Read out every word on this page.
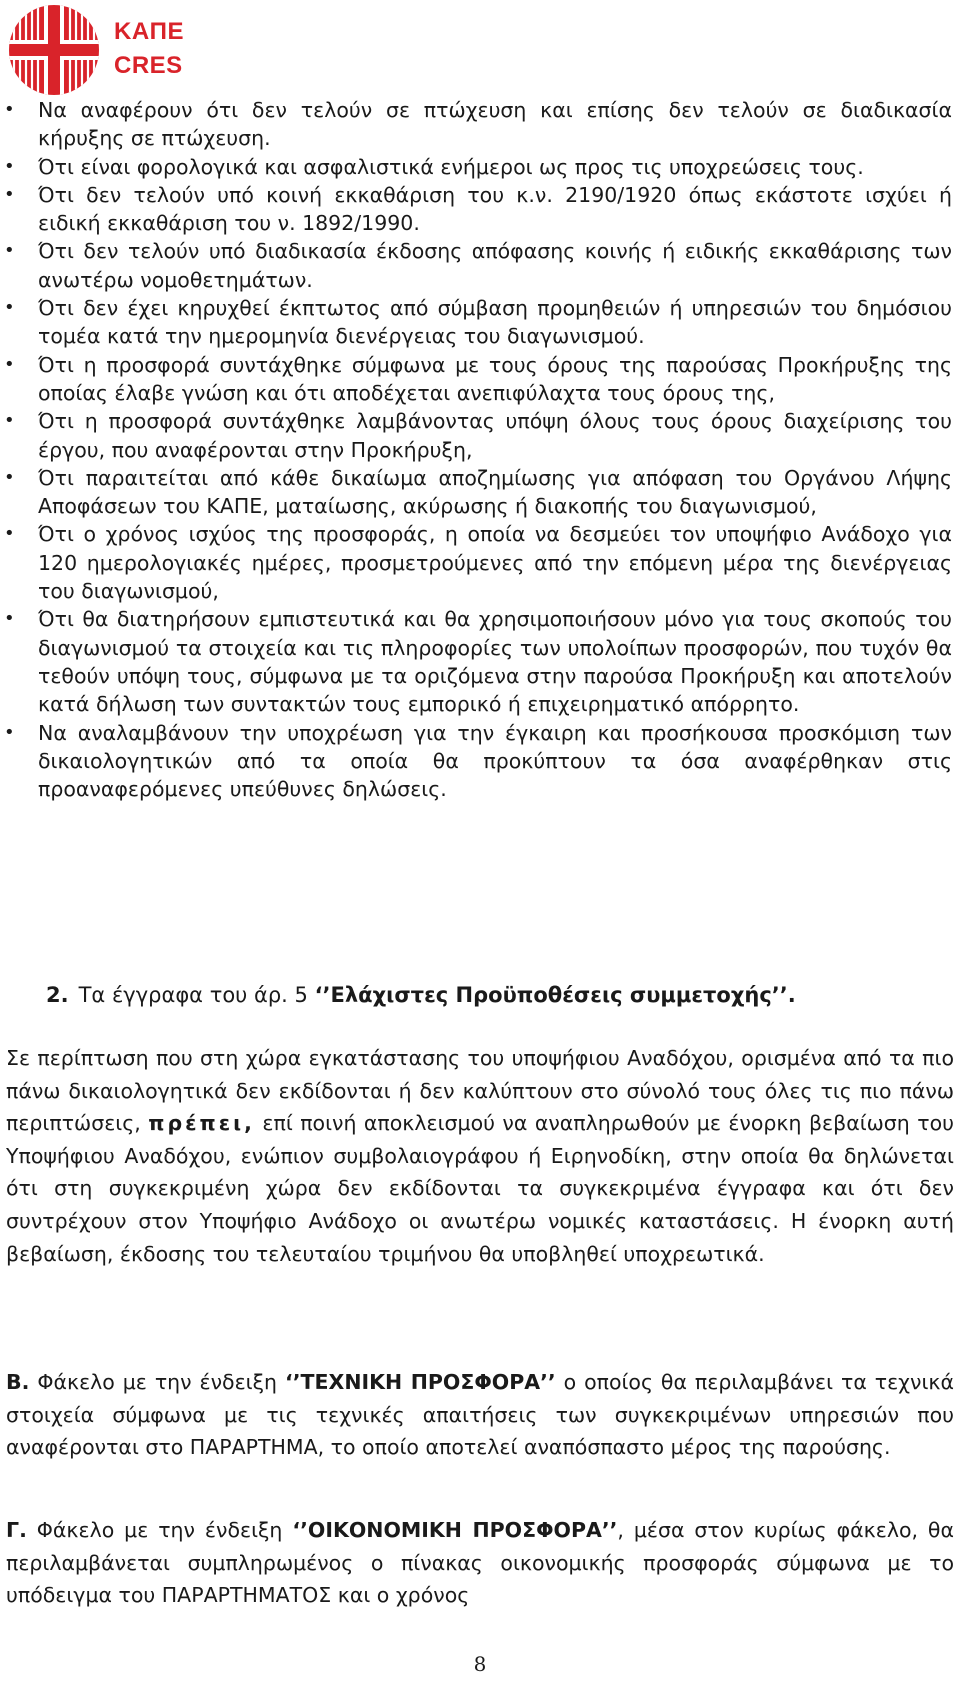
ΚΑΠΕ
CRES
• Να αναφέρουν ότι δεν τελούν σε πτώχευση και επίσης δεν τελούν σε διαδικασία κήρυξης σε πτώχευση.
• Ότι είναι φορολογικά και ασφαλιστικά ενήμεροι ως προς τις υποχρεώσεις τους.
• Ότι δεν τελούν υπό κοινή εκκαθάριση του κ.ν. 2190/1920 όπως εκάστοτε ισχύει ή ειδική εκκαθάριση του ν. 1892/1990.
• Ότι δεν τελούν υπό διαδικασία έκδοσης απόφασης κοινής ή ειδικής εκκαθάρισης των ανωτέρω νομοθετημάτων.
• Ότι δεν έχει κηρυχθεί έκπτωτος από σύμβαση προμηθειών ή υπηρεσιών του δημόσιου τομέα κατά την ημερομηνία διενέργειας του διαγωνισμού.
• Ότι η προσφορά συντάχθηκε σύμφωνα με τους όρους της παρούσας Προκήρυξης της οποίας έλαβε γνώση και ότι αποδέχεται ανεπιφύλαχτα τους όρους της,
• Ότι η προσφορά συντάχθηκε λαμβάνοντας υπόψη όλους τους όρους διαχείρισης του έργου, που αναφέρονται στην Προκήρυξη,
• Ότι παραιτείται από κάθε δικαίωμα αποζημίωσης για απόφαση του Οργάνου Λήψης Αποφάσεων του ΚΑΠΕ, ματαίωσης, ακύρωσης ή διακοπής του διαγωνισμού,
• Ότι ο χρόνος ισχύος της προσφοράς, η οποία να δεσμεύει τον υποψήφιο Ανάδοχο για 120 ημερολογιακές ημέρες, προσμετρούμενες από την επόμενη μέρα της διενέργειας του διαγωνισμού,
• Ότι θα διατηρήσουν εμπιστευτικά και θα χρησιμοποιήσουν μόνο για τους σκοπούς του διαγωνισμού τα στοιχεία και τις πληροφορίες των υπολοίπων προσφορών, που τυχόν θα τεθούν υπόψη τους, σύμφωνα με τα οριζόμενα στην παρούσα Προκήρυξη και αποτελούν κατά δήλωση των συντακτών τους εμπορικό ή επιχειρηματικό απόρρητο.
• Να αναλαμβάνουν την υποχρέωση για την έγκαιρη και προσήκουσα προσκόμιση των δικαιολογητικών από τα οποία θα προκύπτουν τα όσα αναφέρθηκαν στις προαναφερόμενες υπεύθυνες δηλώσεις.
2. Τα έγγραφα του άρ. 5 ‘’Ελάχιστες Προϋποθέσεις συμμετοχής’’.

Σε περίπτωση που στη χώρα εγκατάστασης του υποψήφιου Αναδόχου, ορισμένα από τα πιο πάνω δικαιολογητικά δεν εκδίδονται ή δεν καλύπτουν στο σύνολό τους όλες τις πιο πάνω περιπτώσεις, πρέπει, επί ποινή αποκλεισμού να αναπληρωθούν με ένορκη βεβαίωση του Υποψήφιου Αναδόχου, ενώπιον συμβολαιογράφου ή Ειρηνοδίκη, στην οποία θα δηλώνεται ότι στη συγκεκριμένη χώρα δεν εκδίδονται τα συγκεκριμένα έγγραφα και ότι δεν συντρέχουν στον Υποψήφιο Ανάδοχο οι ανωτέρω νομικές καταστάσεις. Η ένορκη αυτή βεβαίωση, έκδοσης του τελευταίου τριμήνου θα υποβληθεί υποχρεωτικά.

Β. Φάκελο με την ένδειξη ‘’ΤΕΧΝΙΚΗ ΠΡΟΣΦΟΡΑ’’ ο οποίος θα περιλαμβάνει τα τεχνικά στοιχεία σύμφωνα με τις τεχνικές απαιτήσεις των συγκεκριμένων υπηρεσιών που αναφέρονται στο ΠΑΡΑΡΤΗΜΑ, το οποίο αποτελεί αναπόσπαστο μέρος της παρούσης.

Γ. Φάκελο με την ένδειξη ‘’ΟΙΚΟΝΟΜΙΚΗ ΠΡΟΣΦΟΡΑ’’, μέσα στον κυρίως φάκελο, θα περιλαμβάνεται συμπληρωμένος ο πίνακας οικονομικής προσφοράς σύμφωνα με το υπόδειγμα του ΠΑΡΑΡΤΗΜΑΤΟΣ και ο χρόνος

8
